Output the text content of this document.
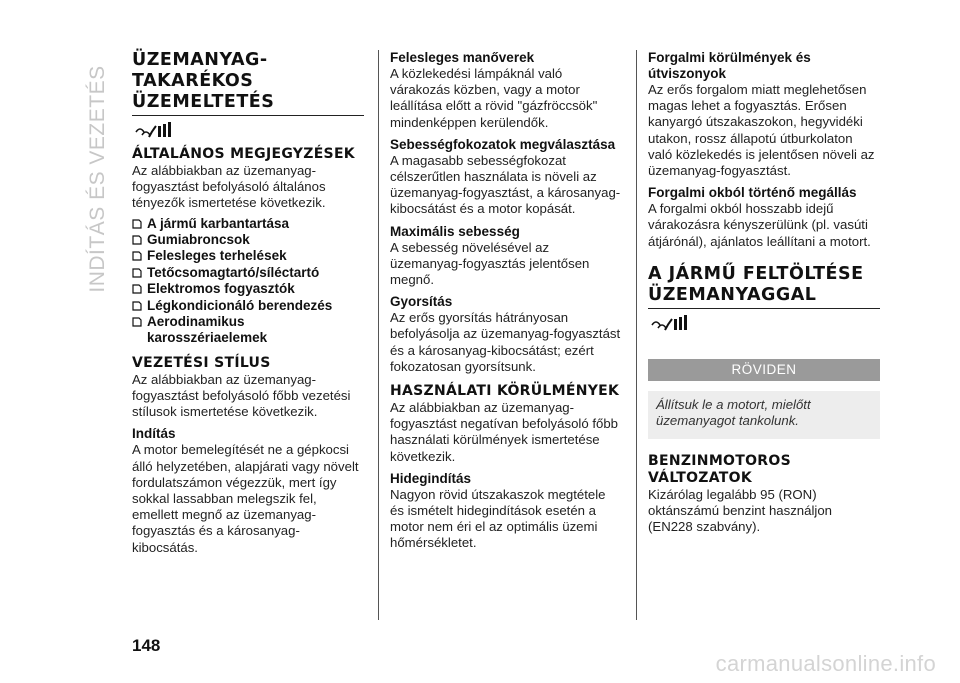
INDÍTÁS ÉS VEZETÉS
ÜZEMANYAG-TAKARÉKOS ÜZEMELTETÉS
ÁLTALÁNOS MEGJEGYZÉSEK

Az alábbiakban az üzemanyag-fogyasztást befolyásoló általános tényezők ismertetése következik.

A jármű karbantartása
Gumiabroncsok
Felesleges terhelések
Tetőcsomagtartó/síléctartó
Elektromos fogyasztók
Légkondicionáló berendezés
Aerodinamikus karosszériaelemek
VEZETÉSI STÍLUS

Az alábbiakban az üzemanyag-fogyasztást befolyásoló főbb vezetési stílusok ismertetése következik.

Indítás

A motor bemelegítését ne a gépkocsi álló helyzetében, alapjárati vagy növelt fordulatszámon végezzük, mert így sokkal lassabban melegszik fel, emellett megnő az üzemanyag-fogyasztás és a károsanyag-kibocsátás.

Felesleges manőverek

A közlekedési lámpáknál való várakozás közben, vagy a motor leállítása előtt a rövid "gázfröccsök" mindenképpen kerülendők.

Sebességfokozatok megválasztása

A magasabb sebességfokozat célszerűtlen használata is növeli az üzemanyag-fogyasztást, a károsanyag-kibocsátást és a motor kopását.

Maximális sebesség

A sebesség növelésével az üzemanyag-fogyasztás jelentősen megnő.

Gyorsítás

Az erős gyorsítás hátrányosan befolyásolja az üzemanyag-fogyasztást és a károsanyag-kibocsátást; ezért fokozatosan gyorsítsunk.

HASZNÁLATI KÖRÜLMÉNYEK

Az alábbiakban az üzemanyag-fogyasztást negatívan befolyásoló főbb használati körülmények ismertetése következik.

Hidegindítás

Nagyon rövid útszakaszok megtétele és ismételt hidegindítások esetén a motor nem éri el az optimális üzemi hőmérsékletet.

Forgalmi körülmények és útviszonyok

Az erős forgalom miatt meglehetősen magas lehet a fogyasztás. Erősen kanyargó útszakaszokon, hegyvidéki utakon, rossz állapotú útburkolaton való közlekedés is jelentősen növeli az üzemanyag-fogyasztást.

Forgalmi okból történő megállás

A forgalmi okból hosszabb idejű várakozásra kényszerülünk (pl. vasúti átjárónál), ajánlatos leállítani a motort.

A JÁRMŰ FELTÖLTÉSE ÜZEMANYAGGAL
RÖVIDEN
Állítsuk le a motort, mielőtt üzemanyagot tankolunk.
BENZINMOTOROS VÁLTOZATOK

Kizárólag legalább 95 (RON) oktánszámú benzint használjon (EN228 szabvány).

148
carmanualsonline.info
